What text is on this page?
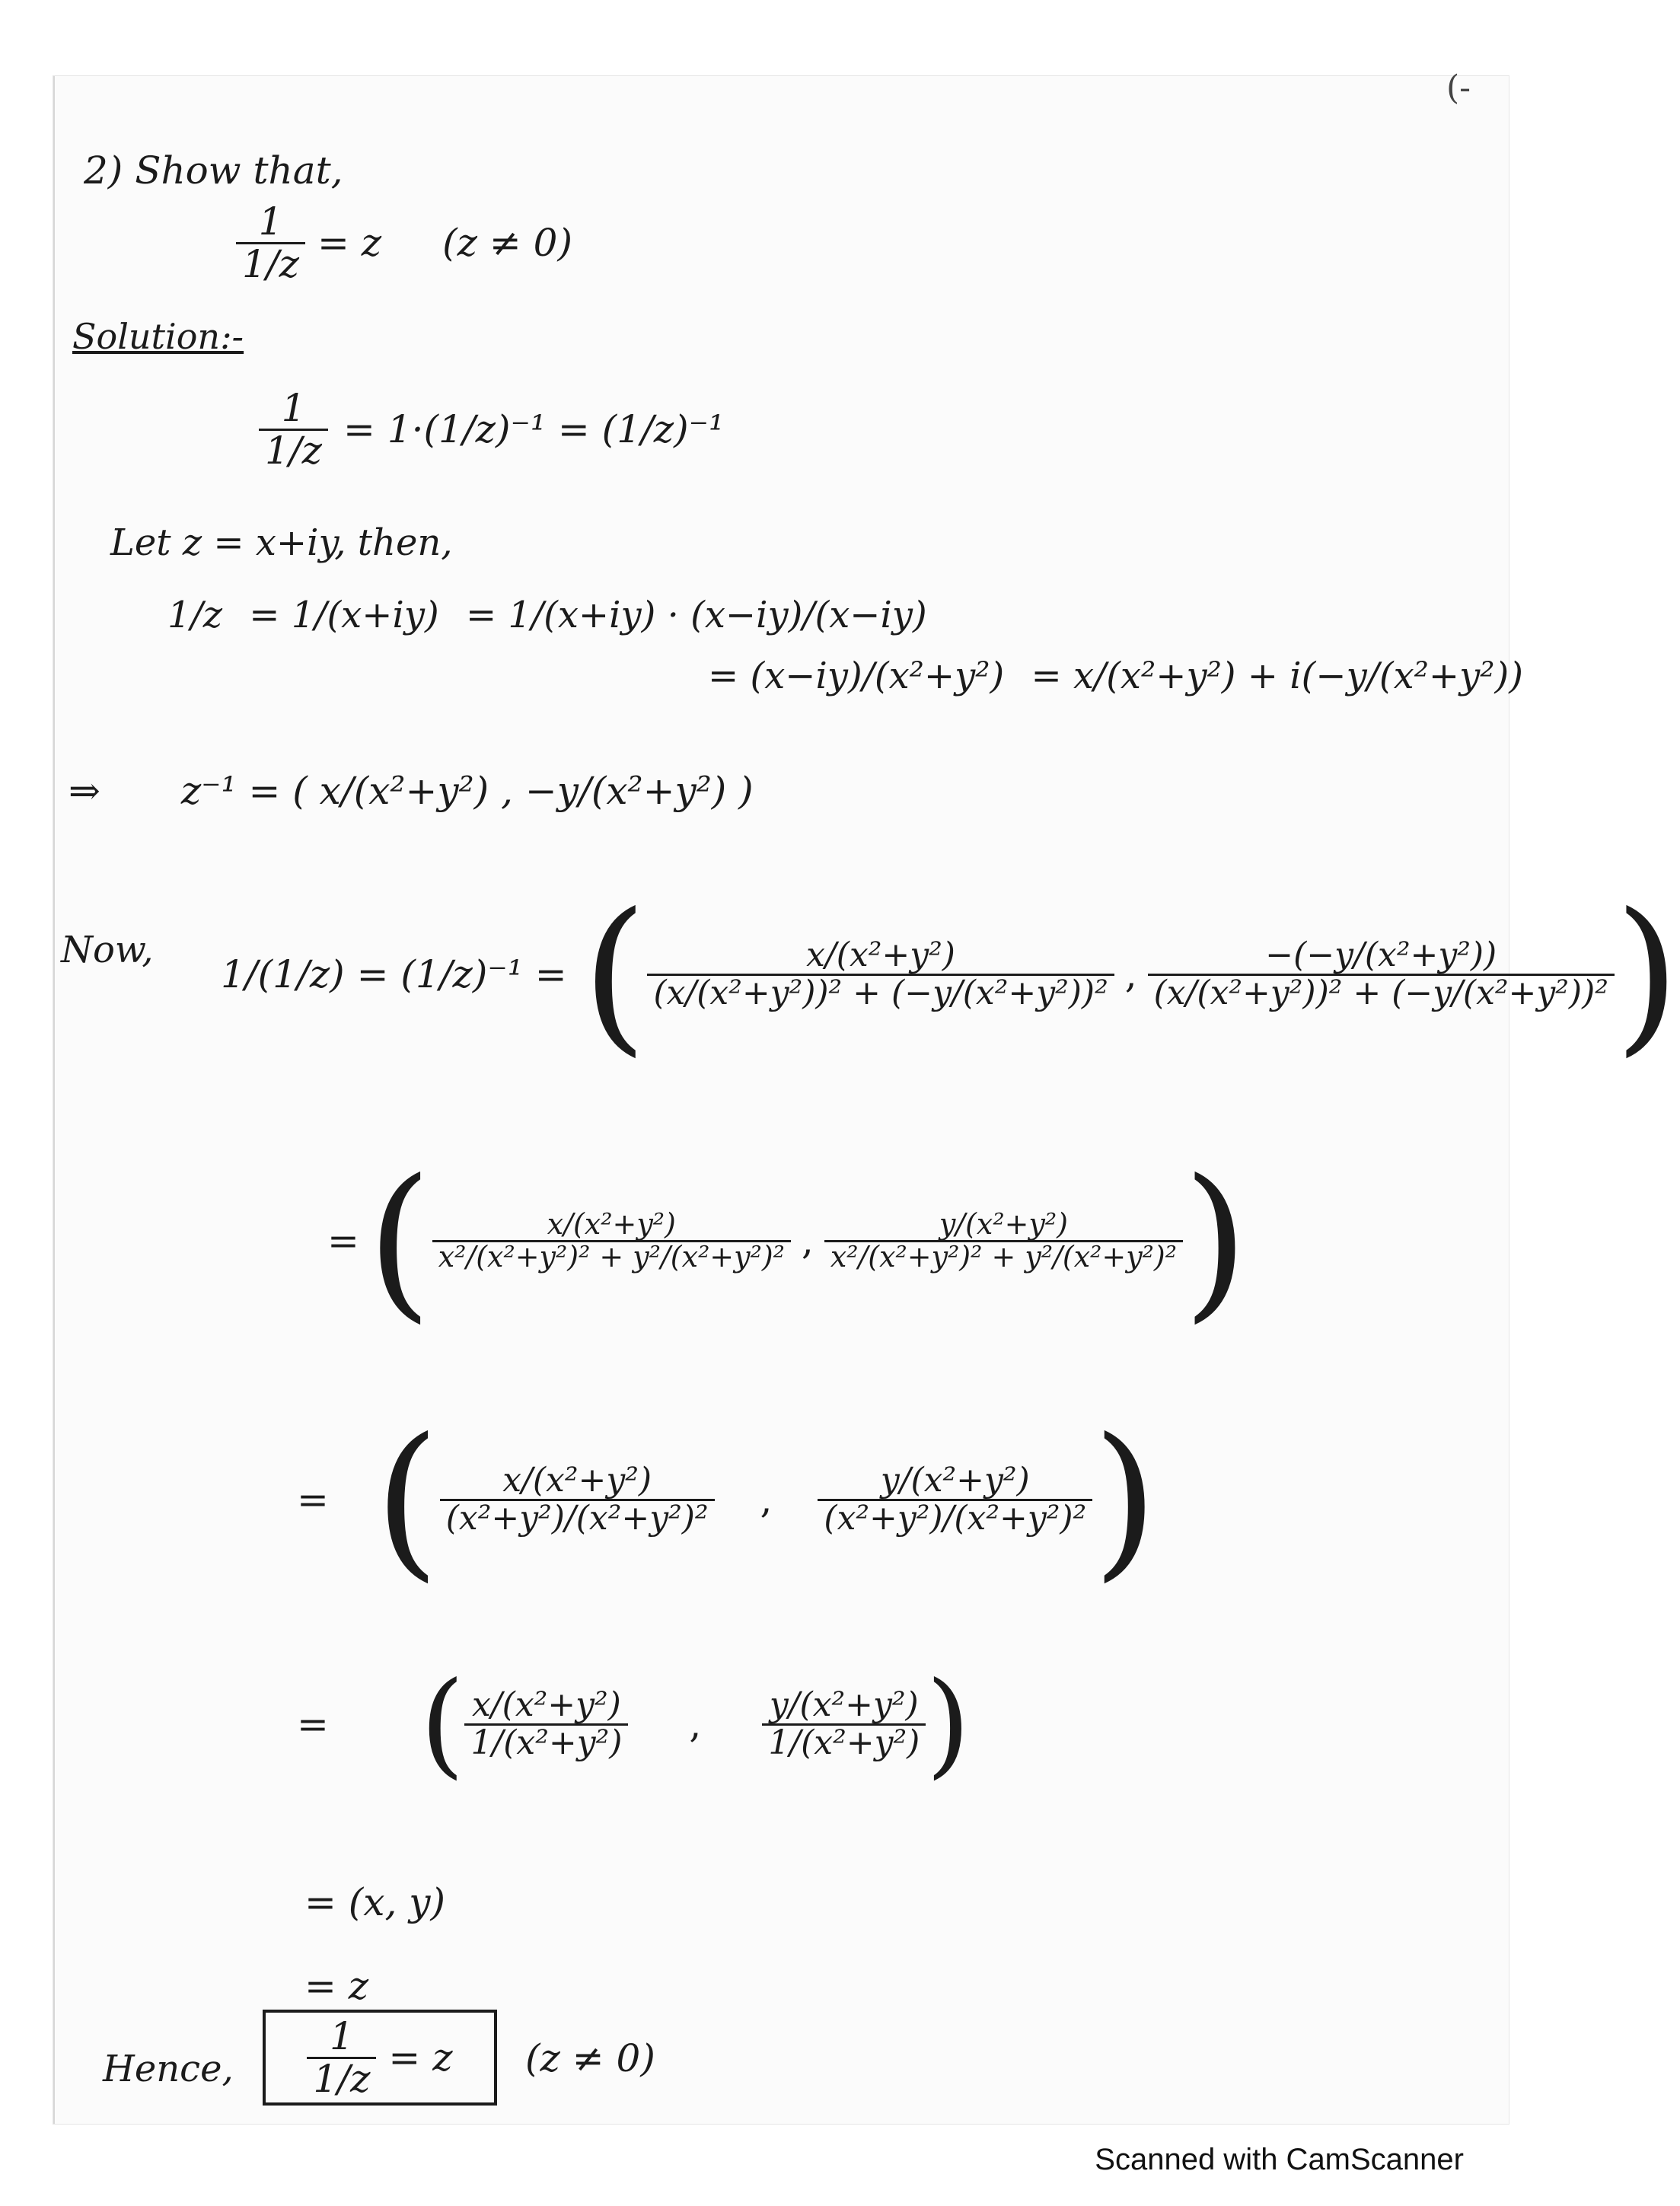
(‑
2) Show that,
$\frac{1}{1/z} = z$ (z ≠ 0)
Solution:-
$\frac{1}{1/z} = 1\cdot(1/z)^{-1} = (1/z)^{-1}$
Let z = x+iy, then,
1/z = 1/(x+iy) = 1/(x+iy) · (x−iy)/(x−iy)
= (x−iy)/(x²+y²) = x/(x²+y²) + i(−y/(x²+y²))
⇒ z⁻¹ = ( x/(x²+y²) , −y/(x²+y²) )
Now,
1/(1/z) = (1/z)⁻¹ = ( $\frac{\text{x/(x²+y²)}}{\text{(x/(x²+y²))² + (−y/(x²+y²))²}}$ , $\frac{\text{−(−y/(x²+y²))}}{\text{(x/(x²+y²))² + (−y/(x²+y²))²}}$ )
= ( $\frac{\text{x/(x²+y²)}}{\text{x²/(x²+y²)² + y²/(x²+y²)²}}$ , $\frac{\text{y/(x²+y²)}}{\text{x²/(x²+y²)² + y²/(x²+y²)²}}$ )
= ( $\frac{\text{x/(x²+y²)}}{\text{(x²+y²)/(x²+y²)²}}$ , $\frac{\text{y/(x²+y²)}}{\text{(x²+y²)/(x²+y²)²}}$ )
= ( $\frac{\text{x/(x²+y²)}}{\text{1/(x²+y²)}}$ , $\frac{\text{y/(x²+y²)}}{\text{1/(x²+y²)}}$ )
= (x, y)
= z
Hence, $\frac{1}{1/z} = z$ (z ≠ 0)
Scanned with CamScanner
